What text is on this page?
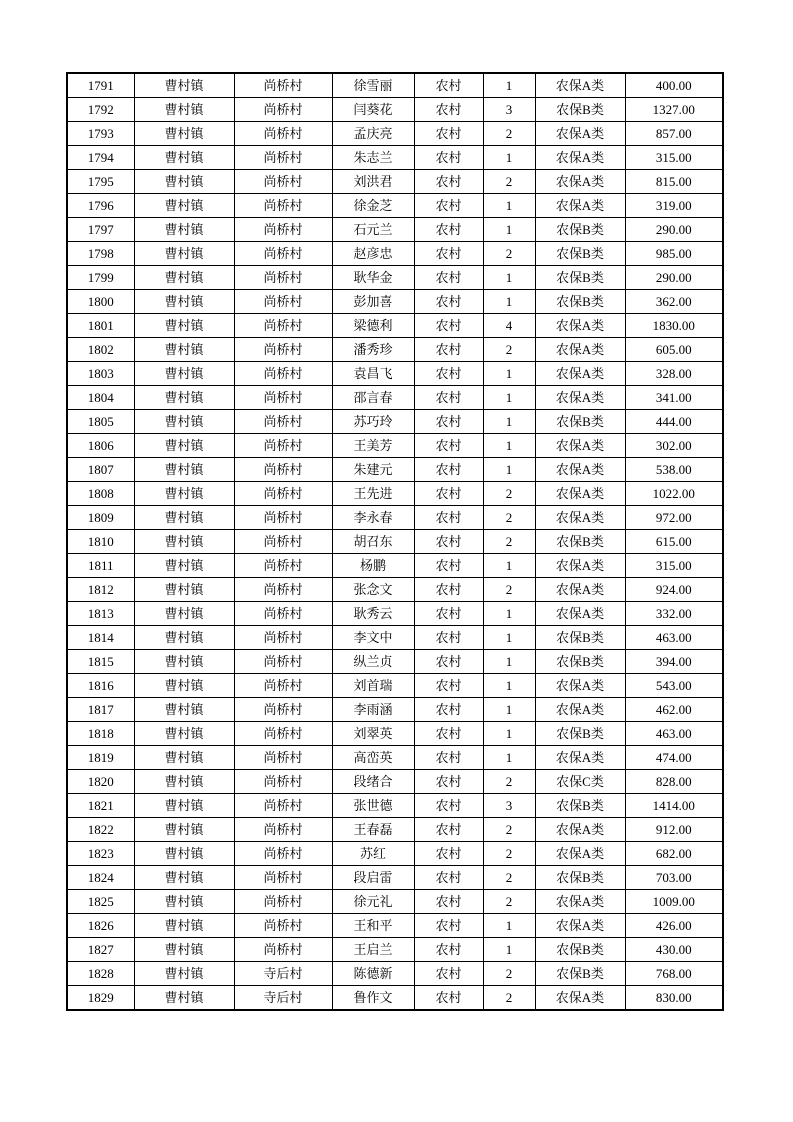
1791	曹村镇	尚桥村	徐雪丽	农村	1	农保A类	400.00
1792	曹村镇	尚桥村	闫葵花	农村	3	农保B类	1327.00
1793	曹村镇	尚桥村	孟庆亮	农村	2	农保A类	857.00
1794	曹村镇	尚桥村	朱志兰	农村	1	农保A类	315.00
1795	曹村镇	尚桥村	刘洪君	农村	2	农保A类	815.00
1796	曹村镇	尚桥村	徐金芝	农村	1	农保A类	319.00
1797	曹村镇	尚桥村	石元兰	农村	1	农保B类	290.00
1798	曹村镇	尚桥村	赵彦忠	农村	2	农保B类	985.00
1799	曹村镇	尚桥村	耿华金	农村	1	农保B类	290.00
1800	曹村镇	尚桥村	彭加喜	农村	1	农保B类	362.00
1801	曹村镇	尚桥村	梁德利	农村	4	农保A类	1830.00
1802	曹村镇	尚桥村	潘秀珍	农村	2	农保A类	605.00
1803	曹村镇	尚桥村	袁昌飞	农村	1	农保A类	328.00
1804	曹村镇	尚桥村	邵言春	农村	1	农保A类	341.00
1805	曹村镇	尚桥村	苏巧玲	农村	1	农保B类	444.00
1806	曹村镇	尚桥村	王美芳	农村	1	农保A类	302.00
1807	曹村镇	尚桥村	朱建元	农村	1	农保A类	538.00
1808	曹村镇	尚桥村	王先进	农村	2	农保A类	1022.00
1809	曹村镇	尚桥村	李永春	农村	2	农保A类	972.00
1810	曹村镇	尚桥村	胡召东	农村	2	农保B类	615.00
1811	曹村镇	尚桥村	杨鹏	农村	1	农保A类	315.00
1812	曹村镇	尚桥村	张念文	农村	2	农保A类	924.00
1813	曹村镇	尚桥村	耿秀云	农村	1	农保A类	332.00
1814	曹村镇	尚桥村	李文中	农村	1	农保B类	463.00
1815	曹村镇	尚桥村	纵兰贞	农村	1	农保B类	394.00
1816	曹村镇	尚桥村	刘首瑞	农村	1	农保A类	543.00
1817	曹村镇	尚桥村	李雨涵	农村	1	农保A类	462.00
1818	曹村镇	尚桥村	刘翠英	农村	1	农保B类	463.00
1819	曹村镇	尚桥村	高峦英	农村	1	农保A类	474.00
1820	曹村镇	尚桥村	段绪合	农村	2	农保C类	828.00
1821	曹村镇	尚桥村	张世德	农村	3	农保B类	1414.00
1822	曹村镇	尚桥村	王春磊	农村	2	农保A类	912.00
1823	曹村镇	尚桥村	苏红	农村	2	农保A类	682.00
1824	曹村镇	尚桥村	段启雷	农村	2	农保B类	703.00
1825	曹村镇	尚桥村	徐元礼	农村	2	农保A类	1009.00
1826	曹村镇	尚桥村	王和平	农村	1	农保A类	426.00
1827	曹村镇	尚桥村	王启兰	农村	1	农保B类	430.00
1828	曹村镇	寺后村	陈德新	农村	2	农保B类	768.00
1829	曹村镇	寺后村	鲁作文	农村	2	农保A类	830.00
